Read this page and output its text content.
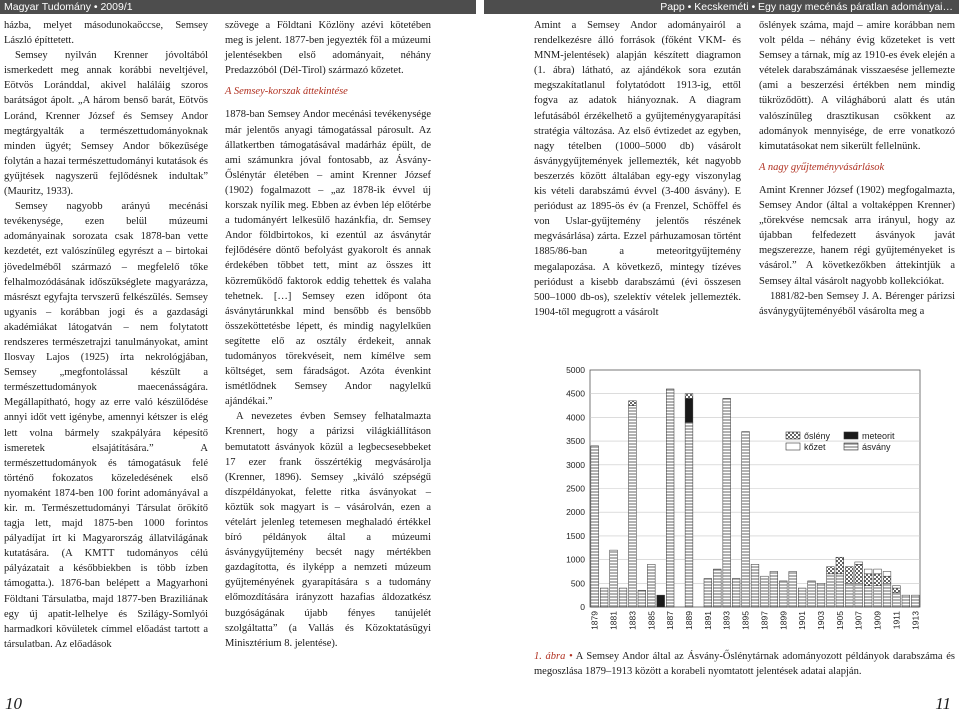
Magyar Tudomány • 2009/1	Papp • Kecskeméti • Egy nagy mecénás páratlan adományai…

házba, melyet másodunokaöccse, Semsey László építtetett.

Semsey nyilván Krenner jóvoltából ismerkedett meg annak korábbi neveltjével, Eötvös Loránddal, akivel haláláig szoros barátságot ápolt. „A három benső barát, Eötvös Loránd, Krenner József és Semsey Andor megtárgyalták a természettudományoknak minden ügyét; Semsey Andor bőkezűsége folytán a hazai természettudományi kutatások és gyűjtések nagyszerű fejlődésnek indultak” (Mauritz, 1933).

Semsey nagyobb arányú mecénási tevékenysége, ezen belül múzeumi adományainak sorozata csak 1878-ban vette kezdetét, ezt valószínűleg egyrészt a – birtokai jövedelméből származó – megfelelő tőke felhalmozódásának időszükséglete magyarázza, másrészt egyfajta tervszerű felkészülés. Semsey ugyanis – korábban jogi és a gazdasági akadémiákat látogatván – nem folytatott rendszeres természetrajzi tanulmányokat, amint Ilosvay Lajos (1925) írta nekrológjában, Semsey „megfontolással készült a természettudományok maecenásságára. Megállapítható, hogy az erre való készülődése annyi időt vett igénybe, amennyi kétszer is elég lett volna bármely szakpályára képesítő ismeretek elsajátítására.” A természettudományok és támogatásuk felé történő fokozatos közeledésének első nyomaként 1874-ben 100 forint adományával a kir. m. Természettudományi Társulat örökítő tagja lett, majd 1875-ben 1000 forintos pályadíjat írt ki Magyarország állatvilágának kutatására. (A KMTT tudományos célú pályázatait a későbbiekben is több ízben támogatta.). 1876-ban belépett a Magyarhoni Földtani Társulatba, majd 1877-ben Braziliának egy új apatit-lelhelye és Szilágy-Somlyói harmadkori kövületek címmel előadást tartott a társulatban. Az előadások

szövege a Földtani Közlöny azévi kötetében meg is jelent. 1877-ben jegyezték föl a múzeumi jelentésekben első adományait, néhány Predazzóból (Dél-Tirol) származó kőzetet.

A Semsey-korszak áttekintése

1878-ban Semsey Andor mecénási tevékenysége már jelentős anyagi támogatással párosult. Az állatkertben támogatásával madárház épült, de ami számunkra jóval fontosabb, az Ásvány-Őslénytár életében – amint Krenner József (1902) fogalmazott – „az 1878-ik évvel új korszak nyílik meg. Ebben az évben lép előtérbe a tudományért lelkesülő hazánkfia, dr. Semsey Andor földbirtokos, ki ezentúl az ásványtár fejlődésére döntő befolyást gyakorolt és annak érdekében többet tett, mint az összes itt közreműködő faktorok eddig tehettek és valaha tehetnek. […] Semsey ezen időpont óta ásványtárunkkal mind bensőbb és bensőbb összeköttetésbe lépett, és mindig nagylelkűen segítette elő az osztály érdekeit, annak tudományos törekvéseit, nem kímélve sem költséget, sem fáradságot. Azóta évenkint ismétlődnek Semsey Andor nagylelkű ajándékai.”

A nevezetes évben Semsey felhatalmazta Krennert, hogy a párizsi világkiállításon bemutatott ásványok közül a legbecsesebbeket 17 ezer frank összértékig megvásárolja (Krenner, 1896). Semsey „kiváló szépségű díszpéldányokat, felette ritka ásványokat – köztük sok magyart is – vásárolván, ezen a vételárt jelenleg tetemesen meghaladó értékkel bíró példányok által a múzeumi ásványgyűjtemény becsét nagy mértékben gazdagította, és ilyképp a nemzeti múzeum gyűjteményének gyarapítására s a tudomány előmozdítására irányzott hazafias áldozatkész buzgóságának újabb fényes tanújelét szolgáltatta” (a Vallás és Közoktatásügyi Minisztérium 8. jelentése).

Amint a Semsey Andor adományairól a rendelkezésre álló források (főként VKM- és MNM-jelentések) alapján készített diagramon (1. ábra) látható, az ajándékok sora ezután megszakítatlanul folytatódott 1913-ig, ettől fogva az adatok hiányoznak. A diagram lefutásából érzékelhető a gyűjteménygyarapítási stratégia változása. Az első évtizedet az egyben, nagy tételben (1000–5000 db) vásárolt ásványgyűjtemények jellemezték, két nagyobb beszerzés között általában egy-egy viszonylag kis vételi darabszámú évvel (3-400 ásvány). E periódust az 1895-ös év (a Frenzel, Schöffel és von Uslar-gyűjtemény jelentős részének megvásárlása) zárta. Ezzel párhuzamosan történt 1885/86-ban a meteoritgyűjtemény megalapozása. A következő, mintegy tízéves periódust a kisebb darabszámú (évi összesen 500–1000 db-os), szelektív vételek jellemezték. 1904-től megugrott a vásárolt

őslények száma, majd – amire korábban nem volt példa – néhány évig kőzeteket is vett Semsey a tárnak, míg az 1910-es évek elején a vételek darabszámának visszaesése jellemezte (ami a beszerzési értékben nem mindig tükröződött). A világháború alatt és után valószínűleg drasztikusan csökkent az adományok mennyisége, de erre vonatkozó kimutatásokat nem sikerült fellelnünk.

A nagy gyűjteményvásárlások

Amint Krenner József (1902) megfogalmazta, Semsey Andor (által a voltaképpen Krenner) „törekvése nemcsak arra irányul, hogy az újabban felfedezett ásványok javát megszerezze, hanem régi gyűjteményeket is vásárol.” A következőkben áttekintjük a Semsey által vásárolt nagyobb kollekciókat.

1881/82-ben Semsey J. A. Bérenger párizsi ásványgyűjteményéből vásárolta meg a

0
500
1000
1500
2000
2500
3000
3500
4000
4500
5000
1879 1881 1883 1885 1887 1889 1891 1893 1895 1897 1899 1901 1903 1905 1907 1909 1911 1913
őslény	meteorit
kőzet	ásvány
1. ábra • A Semsey Andor által az Ásvány-Őslénytárnak adományozott példányok darabszáma és megoszlása 1879–1913 között a korabeli nyomtatott jelentések adatai alapján.
10	11
